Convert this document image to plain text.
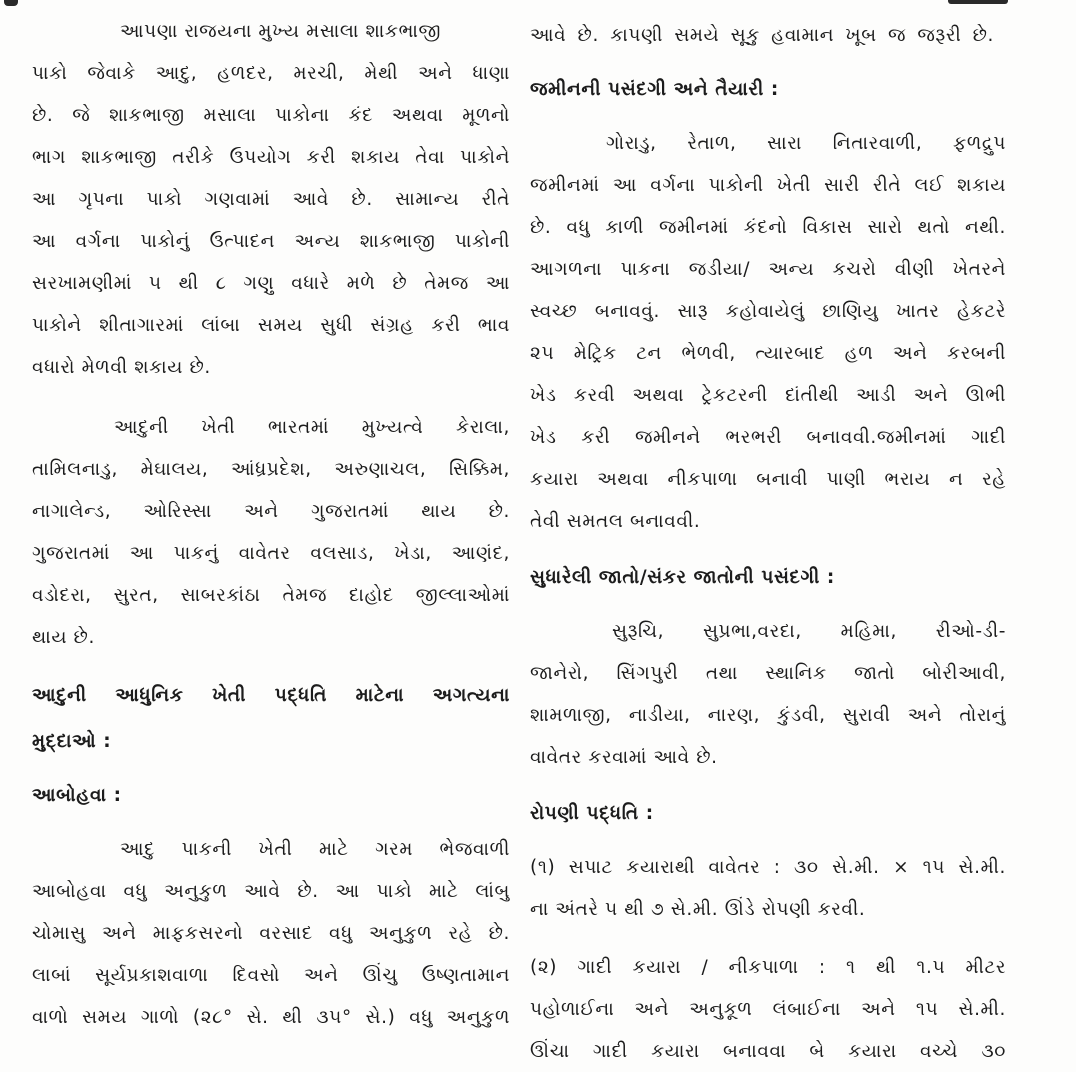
આપણા રાજયના મુખ્ય મસાલા શાકભાજી
પાકો જેવાકે આદુ, હળદર, મરચી, મેથી અને ધાણા
છે. જે શાકભાજી મસાલા પાકોના કંદ અથવા મૂળનો
ભાગ શાકભાજી તરીકે ઉપયોગ કરી શકાય તેવા પાકોને
આ ગૃપના પાકો ગણવામાં આવે છે. સામાન્ય રીતે
આ વર્ગના પાકોનું ઉત્પાદન અન્ય શાકભાજી પાકોની
સરખામણીમાં ૫ થી ૮ ગણુ વધારે મળે છે તેમજ આ
પાકોને શીતાગારમાં લાંબા સમય સુધી સંગ્રહ કરી ભાવ
વધારો મેળવી શકાય છે.
આદુની ખેતી ભારતમાં મુખ્યત્વે કેરાલા,
તામિલનાડુ, મેઘાલય, આંધ્રપ્રદેશ, અરુણાચલ, સિક્કિમ,
નાગાલેન્ડ, ઓરિસ્સા અને ગુજરાતમાં થાય છે.
ગુજરાતમાં આ પાકનું વાવેતર વલસાડ, ખેડા, આણંદ,
વડોદરા, સુરત, સાબરકાંઠા તેમજ દાહોદ જીલ્લાઓમાં
થાય છે.
આદુની આધુનિક ખેતી પદ્ધતિ માટેના અગત્યના
મુદ્દાઓ :
આબોહવા :
આદુ પાકની ખેતી માટે ગરમ ભેજવાળી
આબોહવા વધુ અનુકુળ આવે છે. આ પાકો માટે લાંબુ
ચોમાસુ અને માફકસરનો વરસાદ વધુ અનુકુળ રહે છે.
લાબાં સૂર્યપ્રકાશવાળા દિવસો અને ઊંચુ ઉષ્ણતામાન
વાળો સમય ગાળો (૨૮° સે. થી ૩૫° સે.) વધુ અનુકુળ
આવે છે. કાપણી સમયે સૂકુ હવામાન ખૂબ જ જરૂરી છે.
જમીનની પસંદગી અને તૈયારી :
ગોરાડુ, રેતાળ, સારા નિતારવાળી, ફળદ્રુપ
જમીનમાં આ વર્ગના પાકોની ખેતી સારી રીતે લઈ શકાય
છે. વધુ કાળી જમીનમાં કંદનો વિકાસ સારો થતો નથી.
આગળના પાકના જડીયા/ અન્ય કચરો વીણી ખેતરને
સ્વચ્છ બનાવવું. સારૂ કહોવાયેલું છાણિયુ ખાતર હેકટરે
૨૫ મેટ્રિક ટન ભેળવી, ત્યારબાદ હળ અને કરબની
ખેડ કરવી અથવા ટ્રેકટરની દાંતીથી આડી અને ઊભી
ખેડ કરી જમીનને ભરભરી બનાવવી.જમીનમાં ગાદી
કયારા અથવા નીકપાળા બનાવી પાણી ભરાય ન રહે
તેવી સમતલ બનાવવી.
સુધારેલી જાતો/સંકર જાતોની પસંદગી :
સુરૂચિ, સુપ્રભા,વરદા, મહિમા, રીઓ-ડી-
જાનેરો, સિંગપુરી તથા સ્થાનિક જાતો બોરીઆવી,
શામળાજી, નાડીયા, નારણ, કુંડવી, સુરાવી અને તોરાનું
વાવેતર કરવામાં આવે છે.
રોપણી પદ્ધતિ :
(૧) સપાટ કયારાથી વાવેતર : ૩૦ સે.મી. × ૧૫ સે.મી.
ના અંતરે ૫ થી ૭ સે.મી. ઊંડે રોપણી કરવી.
(૨) ગાદી કયારા / નીકપાળા : ૧ થી ૧.૫ મીટર
પહોળાઈના અને અનુકૂળ લંબાઈના અને ૧૫ સે.મી.
ઊંચા ગાદી કયારા બનાવવા બે કયારા વચ્ચે ૩૦
